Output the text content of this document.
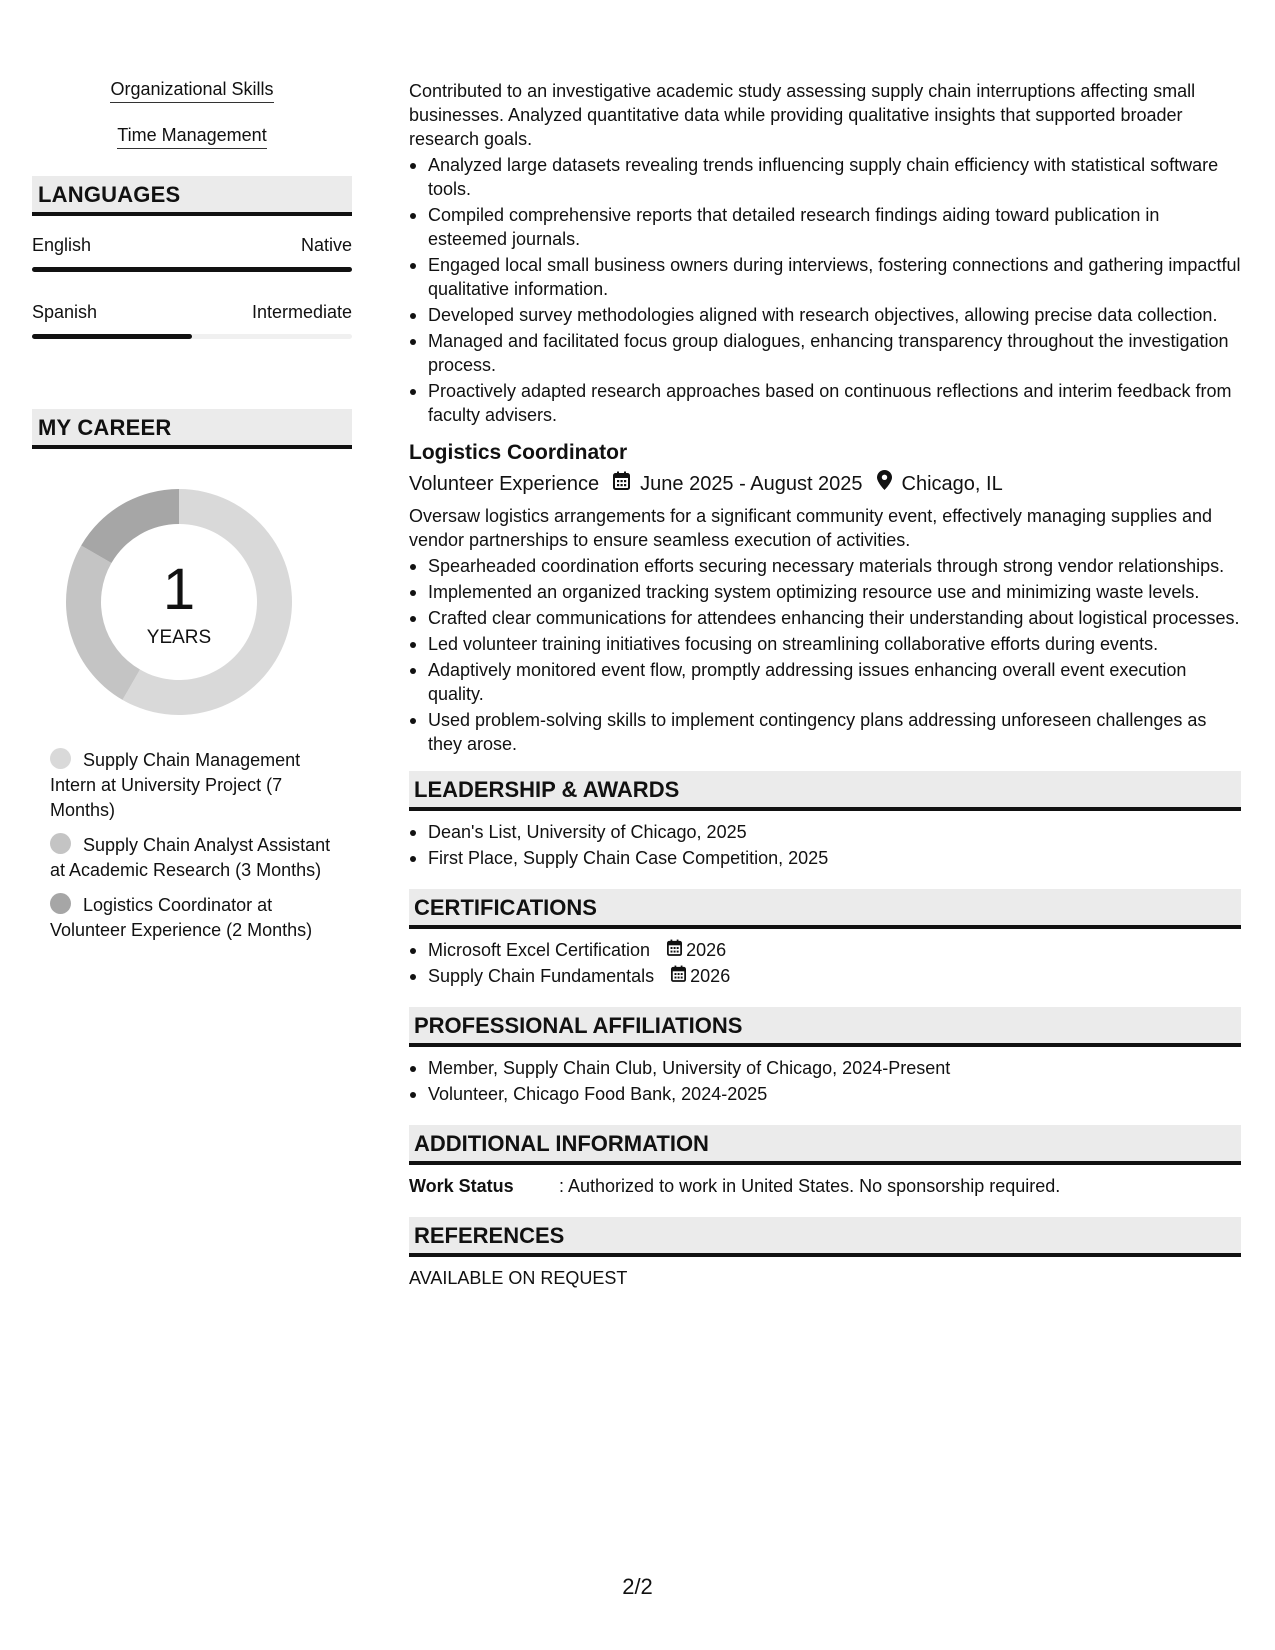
Organizational Skills
Time Management
LANGUAGES
English	Native
Spanish	Intermediate
MY CAREER
1
YEARS
Supply Chain Management Intern at University Project (7 Months)
Supply Chain Analyst Assistant at Academic Research (3 Months)
Logistics Coordinator at Volunteer Experience (2 Months)

Contributed to an investigative academic study assessing supply chain interruptions affecting small businesses. Analyzed quantitative data while providing qualitative insights that supported broader research goals.

Analyzed large datasets revealing trends influencing supply chain efficiency with statistical software tools.
Compiled comprehensive reports that detailed research findings aiding toward publication in esteemed journals.
Engaged local small business owners during interviews, fostering connections and gathering impactful qualitative information.
Developed survey methodologies aligned with research objectives, allowing precise data collection.
Managed and facilitated focus group dialogues, enhancing transparency throughout the investigation process.
Proactively adapted research approaches based on continuous reflections and interim feedback from faculty advisers.
Logistics Coordinator
Volunteer Experience June 2025 - August 2025 Chicago, IL

Oversaw logistics arrangements for a significant community event, effectively managing supplies and vendor partnerships to ensure seamless execution of activities.

Spearheaded coordination efforts securing necessary materials through strong vendor relationships.
Implemented an organized tracking system optimizing resource use and minimizing waste levels.
Crafted clear communications for attendees enhancing their understanding about logistical processes.
Led volunteer training initiatives focusing on streamlining collaborative efforts during events.
Adaptively monitored event flow, promptly addressing issues enhancing overall event execution quality.
Used problem-solving skills to implement contingency plans addressing unforeseen challenges as they arose.
LEADERSHIP & AWARDS
Dean's List, University of Chicago, 2025
First Place, Supply Chain Case Competition, 2025
CERTIFICATIONS
Microsoft Excel Certification 2026
Supply Chain Fundamentals 2026
PROFESSIONAL AFFILIATIONS
Member, Supply Chain Club, University of Chicago, 2024-Present
Volunteer, Chicago Food Bank, 2024-2025
ADDITIONAL INFORMATION
Work Status	: Authorized to work in United States. No sponsorship required.
REFERENCES

AVAILABLE ON REQUEST

2/2
